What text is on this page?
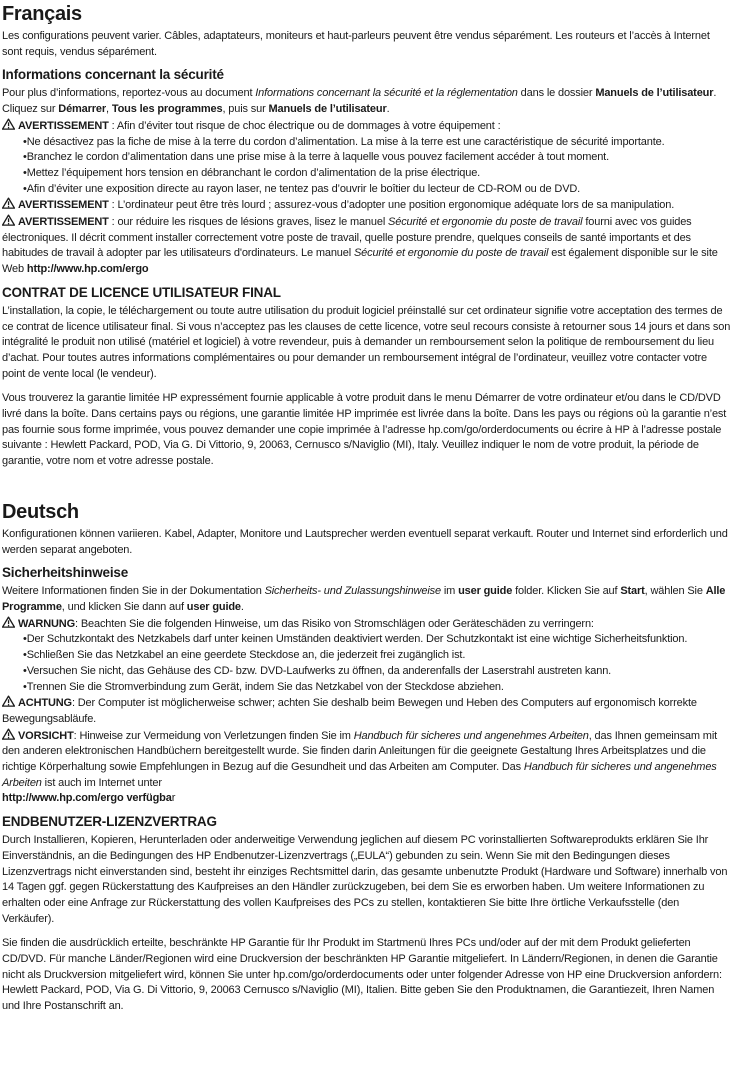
Français

Les configurations peuvent varier. Câbles, adaptateurs, moniteurs et haut-parleurs peuvent être vendus séparément. Les routeurs et l’accès à Internet sont requis, vendus séparément.

Informations concernant la sécurité

Pour plus d’informations, reportez-vous au document Informations concernant la sécurité et la réglementation dans le dossier Manuels de l’utilisateur. Cliquez sur Démarrer, Tous les programmes, puis sur Manuels de l’utilisateur.

AVERTISSEMENT : Afin d’éviter tout risque de choc électrique ou de dommages à votre équipement :

• Ne désactivez pas la fiche de mise à la terre du cordon d’alimentation. La mise à la terre est une caractéristique de sécurité importante.
• Branchez le cordon d’alimentation dans une prise mise à la terre à laquelle vous pouvez facilement accéder à tout moment.
• Mettez l’équipement hors tension en débranchant le cordon d’alimentation de la prise électrique.
• Afin d’éviter une exposition directe au rayon laser, ne tentez pas d’ouvrir le boîtier du lecteur de CD-ROM ou de DVD.

AVERTISSEMENT : L’ordinateur peut être très lourd ; assurez-vous d’adopter une position ergonomique adéquate lors de sa manipulation.

AVERTISSEMENT : our réduire les risques de lésions graves, lisez le manuel Sécurité et ergonomie du poste de travail fourni avec vos guides électroniques. Il décrit comment installer correctement votre poste de travail, quelle posture prendre, quelques conseils de santé importants et des habitudes de travail à adopter par les utilisateurs d'ordinateurs. Le manuel Sécurité et ergonomie du poste de travail est également disponible sur le site Web http://www.hp.com/ergo

CONTRAT DE LICENCE UTILISATEUR FINAL

L’installation, la copie, le téléchargement ou toute autre utilisation du produit logiciel préinstallé sur cet ordinateur signifie votre acceptation des termes de ce contrat de licence utilisateur final. Si vous n’acceptez pas les clauses de cette licence, votre seul recours consiste à retourner sous 14 jours et dans son intégralité le produit non utilisé (matériel et logiciel) à votre revendeur, puis à demander un remboursement selon la politique de remboursement du lieu d’achat. Pour toutes autres informations complémentaires ou pour demander un remboursement intégral de l’ordinateur, veuillez votre contacter votre point de vente local (le vendeur).

Vous trouverez la garantie limitée HP expressément fournie applicable à votre produit dans le menu Démarrer de votre ordinateur et/ou dans le CD/DVD livré dans la boîte. Dans certains pays ou régions, une garantie limitée HP imprimée est livrée dans la boîte. Dans les pays ou régions où la garantie n’est pas fournie sous forme imprimée, vous pouvez demander une copie imprimée à l’adresse hp.com/go/orderdocuments ou écrire à HP à l’adresse postale suivante : Hewlett Packard, POD, Via G. Di Vittorio, 9, 20063, Cernusco s/Naviglio (MI), Italy. Veuillez indiquer le nom de votre produit, la période de garantie, votre nom et votre adresse postale.

Deutsch

Konfigurationen können variieren. Kabel, Adapter, Monitore und Lautsprecher werden eventuell separat verkauft. Router und Internet sind erforderlich und werden separat angeboten.

Sicherheitshinweise

Weitere Informationen finden Sie in der Dokumentation Sicherheits- und Zulassungshinweise im user guide folder. Klicken Sie auf Start, wählen Sie Alle Programme, und klicken Sie dann auf user guide.

WARNUNG: Beachten Sie die folgenden Hinweise, um das Risiko von Stromschlägen oder Geräteschäden zu verringern:

• Der Schutzkontakt des Netzkabels darf unter keinen Umständen deaktiviert werden. Der Schutzkontakt ist eine wichtige Sicherheitsfunktion.
• Schließen Sie das Netzkabel an eine geerdete Steckdose an, die jederzeit frei zugänglich ist.
• Versuchen Sie nicht, das Gehäuse des CD- bzw. DVD-Laufwerks zu öffnen, da anderenfalls der Laserstrahl austreten kann.
• Trennen Sie die Stromverbindung zum Gerät, indem Sie das Netzkabel von der Steckdose abziehen.

ACHTUNG: Der Computer ist möglicherweise schwer; achten Sie deshalb beim Bewegen und Heben des Computers auf ergonomisch korrekte Bewegungsabläufe.

VORSICHT: Hinweise zur Vermeidung von Verletzungen finden Sie im Handbuch für sicheres und angenehmes Arbeiten, das Ihnen gemeinsam mit den anderen elektronischen Handbüchern bereitgestellt wurde. Sie finden darin Anleitungen für die geeignete Gestaltung Ihres Arbeitsplatzes und die richtige Körperhaltung sowie Empfehlungen in Bezug auf die Gesundheit und das Arbeiten am Computer. Das Handbuch für sicheres und angenehmes Arbeiten ist auch im Internet unter
http://www.hp.com/ergo verfügbar

ENDBENUTZER-LIZENZVERTRAG

Durch Installieren, Kopieren, Herunterladen oder anderweitige Verwendung jeglichen auf diesem PC vorinstallierten Softwareprodukts erklären Sie Ihr Einverständnis, an die Bedingungen des HP Endbenutzer-Lizenzvertrags („EULA“) gebunden zu sein. Wenn Sie mit den Bedingungen dieses Lizenzvertrags nicht einverstanden sind, besteht ihr einziges Rechtsmittel darin, das gesamte unbenutzte Produkt (Hardware und Software) innerhalb von 14 Tagen ggf. gegen Rückerstattung des Kaufpreises an den Händler zurückzugeben, bei dem Sie es erworben haben. Um weitere Informationen zu erhalten oder eine Anfrage zur Rückerstattung des vollen Kaufpreises des PCs zu stellen, kontaktieren Sie bitte Ihre örtliche Verkaufsstelle (den Verkäufer).

Sie finden die ausdrücklich erteilte, beschränkte HP Garantie für Ihr Produkt im Startmenü Ihres PCs und/oder auf der mit dem Produkt gelieferten CD/DVD. Für manche Länder/Regionen wird eine Druckversion der beschränkten HP Garantie mitgeliefert. In Ländern/Regionen, in denen die Garantie nicht als Druckversion mitgeliefert wird, können Sie unter hp.com/go/orderdocuments oder unter folgender Adresse von HP eine Druckversion anfordern: Hewlett Packard, POD, Via G. Di Vittorio, 9, 20063 Cernusco s/Naviglio (MI), Italien. Bitte geben Sie den Produktnamen, die Garantiezeit, Ihren Namen und Ihre Postanschrift an.
